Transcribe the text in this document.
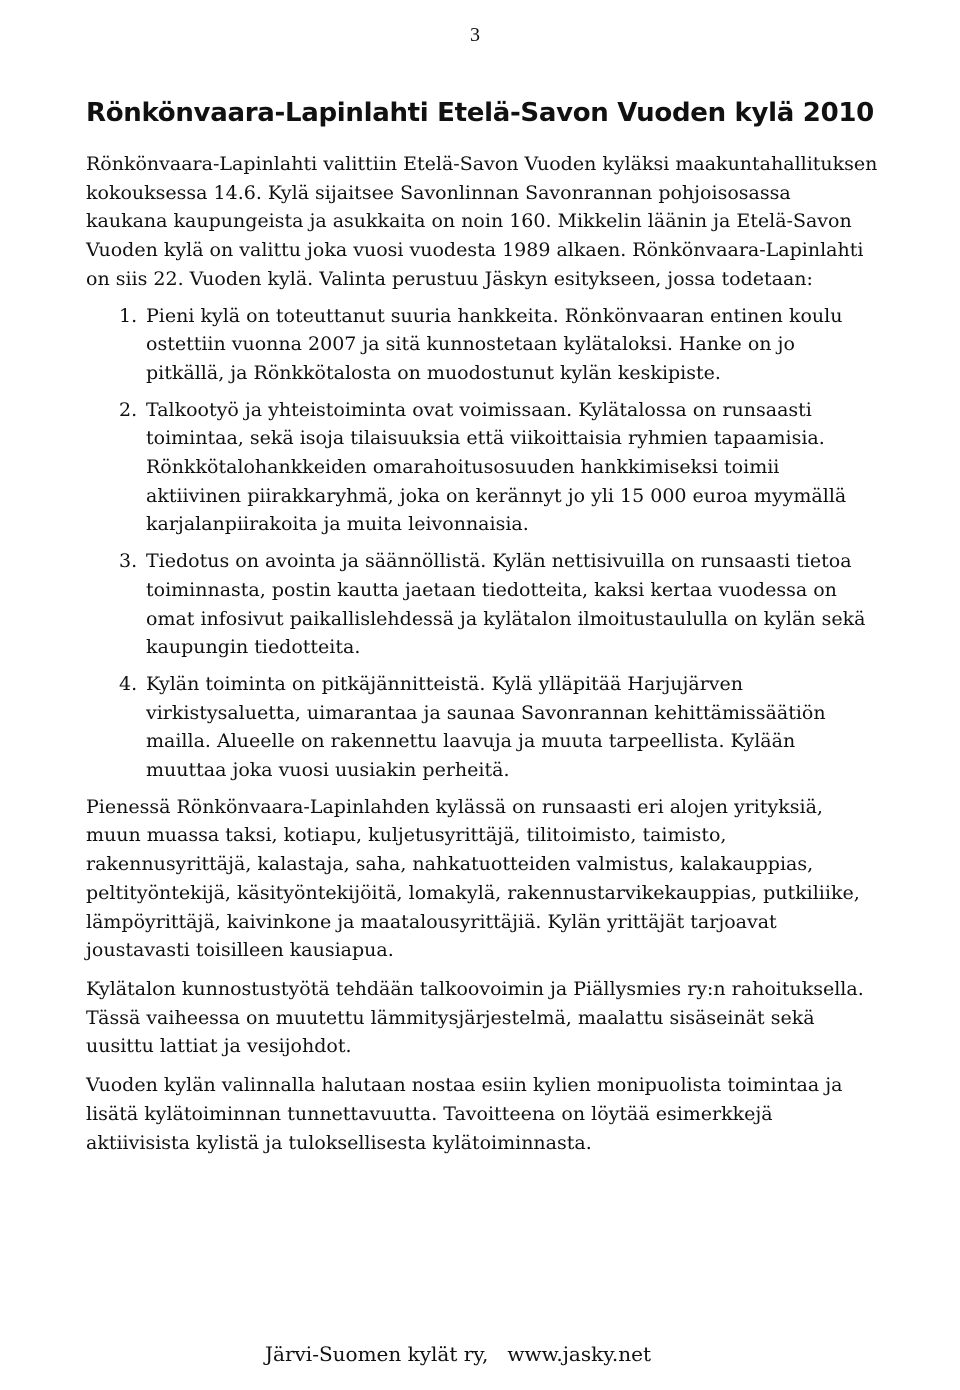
3
Rönkönvaara-Lapinlahti Etelä-Savon Vuoden kylä 2010

Rönkönvaara-Lapinlahti valittiin Etelä-Savon Vuoden kyläksi maakuntahallituksen kokouksessa 14.6. Kylä sijaitsee Savonlinnan Savonrannan pohjoisosassa kaukana kaupungeista ja asukkaita on noin 160. Mikkelin läänin ja Etelä-Savon Vuoden kylä on valittu joka vuosi vuodesta 1989 alkaen. Rönkönvaara-Lapinlahti on siis 22. Vuoden kylä. Valinta perustuu Jäskyn esitykseen, jossa todetaan:

1. Pieni kylä on toteuttanut suuria hankkeita. Rönkönvaaran entinen koulu ostettiin vuonna 2007 ja sitä kunnostetaan kylätaloksi. Hanke on jo pitkällä, ja Rönkkötalosta on muodostunut kylän keskipiste.
2. Talkootyö ja yhteistoiminta ovat voimissaan. Kylätalossa on runsaasti toimintaa, sekä isoja tilaisuuksia että viikoittaisia ryhmien tapaamisia. Rönkkötalohankkeiden omarahoitusosuuden hankkimiseksi toimii aktiivinen piirakkaryhmä, joka on kerännyt jo yli 15 000 euroa myymällä karjalanpiirakoita ja muita leivonnaisia.
3. Tiedotus on avointa ja säännöllistä. Kylän nettisivuilla on runsaasti tietoa toiminnasta, postin kautta jaetaan tiedotteita, kaksi kertaa vuodessa on omat infosivut paikallislehdessä ja kylätalon ilmoitustaululla on kylän sekä kaupungin tiedotteita.
4. Kylän toiminta on pitkäjännitteistä. Kylä ylläpitää Harjujärven virkistysaluetta, uimarantaa ja saunaa Savonrannan kehittämissäätiön mailla. Alueelle on rakennettu laavuja ja muuta tarpeellista. Kylään muuttaa joka vuosi uusiakin perheitä.

Pienessä Rönkönvaara-Lapinlahden kylässä on runsaasti eri alojen yrityksiä, muun muassa taksi, kotiapu, kuljetusyrittäjä, tilitoimisto, taimisto, rakennusyrittäjä, kalastaja, saha, nahkatuotteiden valmistus, kalakauppias, peltityöntekijä, käsityöntekijöitä, lomakylä, rakennustarvikekauppias, putkiliike, lämpöyrittäjä, kaivinkone ja maatalousyrittäjiä. Kylän yrittäjät tarjoavat joustavasti toisilleen kausiapua.

Kylätalon kunnostustyötä tehdään talkoovoimin ja Piällysmies ry:n rahoituksella. Tässä vaiheessa on muutettu lämmitysjärjestelmä, maalattu sisäseinät sekä uusittu lattiat ja vesijohdot.

Vuoden kylän valinnalla halutaan nostaa esiin kylien monipuolista toimintaa ja lisätä kylätoiminnan tunnettavuutta. Tavoitteena on löytää esimerkkejä aktiivisista kylistä ja tuloksellisesta kylätoiminnasta.

Järvi-Suomen kylät ry, www.jasky.net
